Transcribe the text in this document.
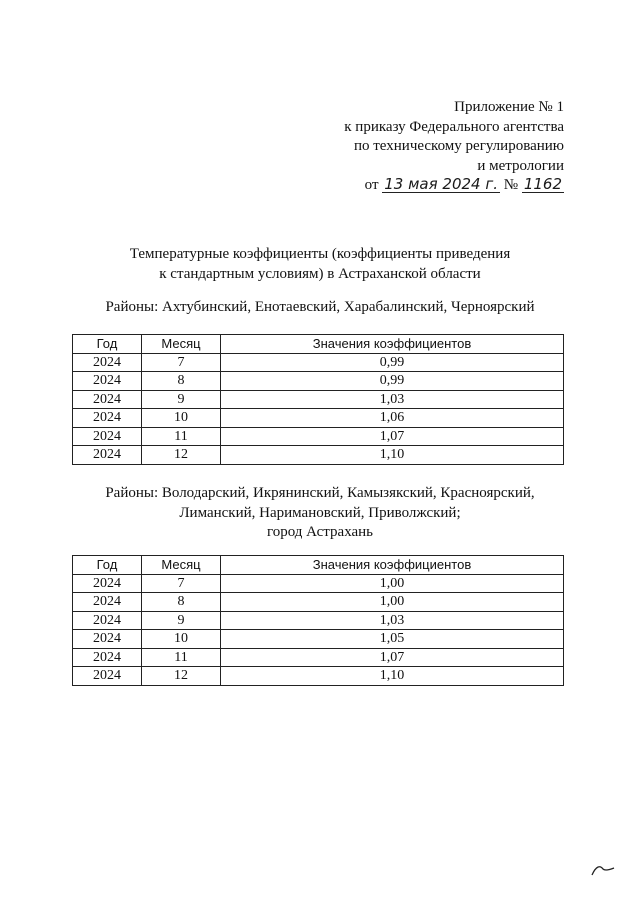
Приложение № 1
к приказу Федерального агентства
по техническому регулированию
и метрологии
от 13 мая 2024 г. № 1162
Температурные коэффициенты (коэффициенты приведения
к стандартным условиям) в Астраханской области
Районы: Ахтубинский, Енотаевский, Харабалинский, Черноярский
Год	Месяц	Значения коэффициентов
2024	7	0,99
2024	8	0,99
2024	9	1,03
2024	10	1,06
2024	11	1,07
2024	12	1,10
Районы: Володарский, Икрянинский, Камызякский, Красноярский,
Лиманский, Наримановский, Приволжский;
город Астрахань
Год	Месяц	Значения коэффициентов
2024	7	1,00
2024	8	1,00
2024	9	1,03
2024	10	1,05
2024	11	1,07
2024	12	1,10
